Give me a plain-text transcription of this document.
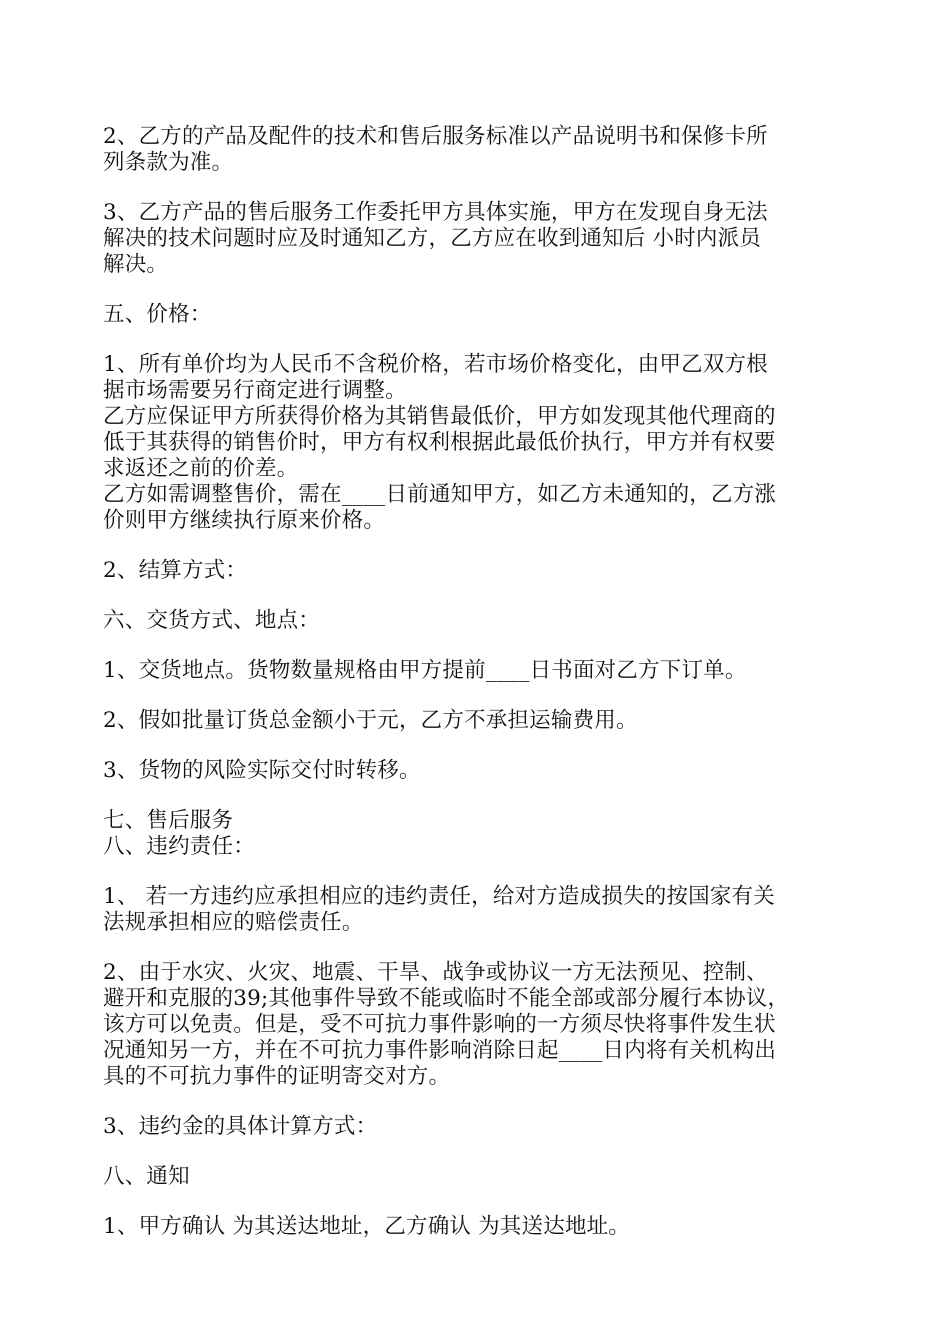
2、乙方的产品及配件的技术和售后服务标准以产品说明书和保修卡所
列条款为准。
3、乙方产品的售后服务工作委托甲方具体实施，甲方在发现自身无法
解决的技术问题时应及时通知乙方，乙方应在收到通知后 小时内派员
解决。
五、价格：
1、所有单价均为人民币不含税价格，若市场价格变化，由甲乙双方根
据市场需要另行商定进行调整。
乙方应保证甲方所获得价格为其销售最低价，甲方如发现其他代理商的
低于其获得的销售价时，甲方有权利根据此最低价执行，甲方并有权要
求返还之前的价差。
乙方如需调整售价，需在____日前通知甲方，如乙方未通知的，乙方涨
价则甲方继续执行原来价格。
2、结算方式：
六、交货方式、地点：
1、交货地点。货物数量规格由甲方提前____日书面对乙方下订单。
2、假如批量订货总金额小于元，乙方不承担运输费用。
3、货物的风险实际交付时转移。
七、售后服务
八、违约责任：
1、 若一方违约应承担相应的违约责任，给对方造成损失的按国家有关
法规承担相应的赔偿责任。
2、由于水灾、火灾、地震、干旱、战争或协议一方无法预见、控制、
避开和克服的39;其他事件导致不能或临时不能全部或部分履行本协议，
该方可以免责。但是，受不可抗力事件影响的一方须尽快将事件发生状
况通知另一方，并在不可抗力事件影响消除日起____日内将有关机构出
具的不可抗力事件的证明寄交对方。
3、违约金的具体计算方式：
八、通知
1、甲方确认 为其送达地址，乙方确认 为其送达地址。
